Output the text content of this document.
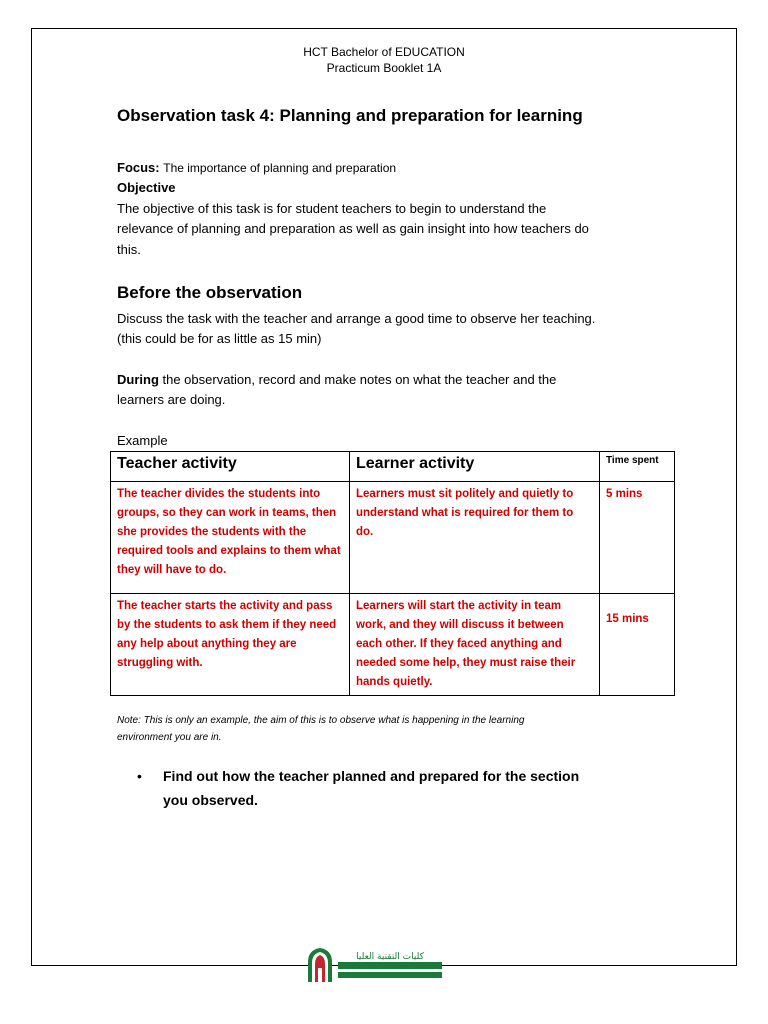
HCT Bachelor of EDUCATION
Practicum Booklet 1A
Observation task 4: Planning and preparation for learning
Focus: The importance of planning and preparation
Objective
The objective of this task is for student teachers to begin to understand the
relevance of planning and preparation as well as gain insight into how teachers do
this.
Before the observation
Discuss the task with the teacher and arrange a good time to observe her teaching.
(this could be for as little as 15 min)
During the observation, record and make notes on what the teacher and the
learners are doing.
Example
Teacher activity	Learner activity	Time spent
The teacher divides the students into groups, so they can work in teams, then she provides the students with the required tools and explains to them what they will have to do.	Learners must sit politely and quietly to understand what is required for them to do.	5 mins
The teacher starts the activity and pass by the students to ask them if they need any help about anything they are struggling with.	Learners will start the activity in team work, and they will discuss it between each other. If they faced anything and needed some help, they must raise their hands quietly.	15 mins
Note: This is only an example, the aim of this is to observe what is happening in the learning
environment you are in.
•	Find out how the teacher planned and prepared for the section
you observed.
كليات التقنية العليا
